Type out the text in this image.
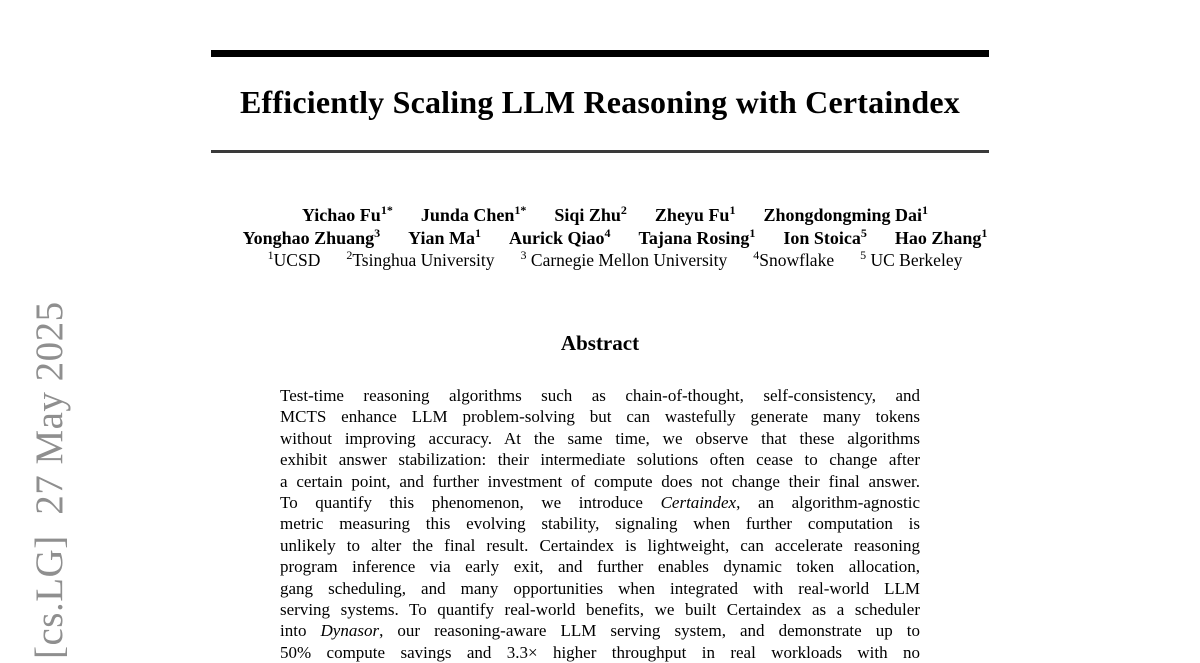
[cs.LG]  27 May 2025
Efficiently Scaling LLM Reasoning with Certaindex
Yichao $Fu^{1*}$ Junda Chen$^{1*}$ Siqi Zhu$^2$ Zheyu Fu$^1$ Zhongdongming Dai$^1$
Yonghao Zhuang$^3$ Yian Ma$^1$ Aurick Qiao$^4$ Tajana Rosing$^1$ Ion Stoica$^5$ Hao Zhang$^1$
$^1$UCSD $^2$Tsinghua University $^3$ Carnegie Mellon University $^4$Snowflake $^5$ UC Berkeley
Abstract
Test-time reasoning algorithms such as chain-of-thought, self-consistency, and
MCTS enhance LLM problem-solving but can wastefully generate many tokens
without improving accuracy. At the same time, we observe that these algorithms
exhibit answer stabilization: their intermediate solutions often cease to change after
a certain point, and further investment of compute does not change their final answer.
To quantify this phenomenon, we introduce Certaindex, an algorithm-agnostic
metric measuring this evolving stability, signaling when further computation is
unlikely to alter the final result. Certaindex is lightweight, can accelerate reasoning
program inference via early exit, and further enables dynamic token allocation,
gang scheduling, and many opportunities when integrated with real-world LLM
serving systems. To quantify real-world benefits, we built Certaindex as a scheduler
into Dynasor, our reasoning-aware LLM serving system, and demonstrate up to
50% compute savings and 3.3× higher throughput in real workloads with no
